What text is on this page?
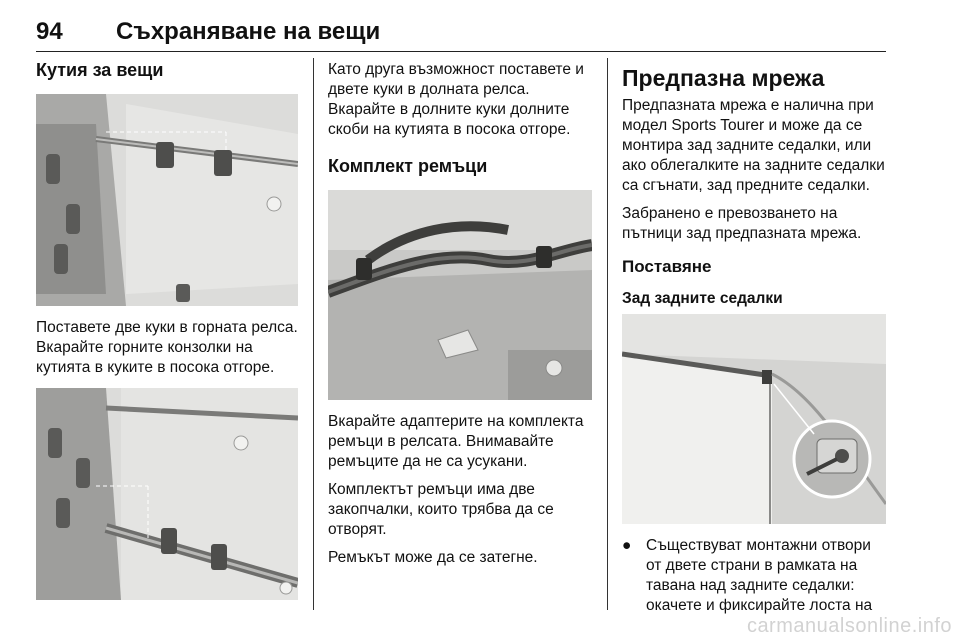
94 Съхраняване на вещи
Кутия за вещи

Поставете две куки в горната релса. Вкарайте горните конзолки на кутията в куките в посока отгоре.

Като друга възможност поставете и двете куки в долната релса. Вкарайте в долните куки долните скоби на кутията в посока отгоре.

Комплект ремъци

Вкарайте адаптерите на комплекта ремъци в релсата. Внимавайте ремъците да не са усукани.

Комплектът ремъци има две закопчалки, които трябва да се отворят.

Ремъкът може да се затегне.

Предпазна мрежа

Предпазната мрежа е налична при модел Sports Tourer и може да се монтира зад задните седалки, или ако облегалките на задните седалки са сгънати, зад предните седалки.

Забранено е превозването на пътници зад предпазната мрежа.

Поставяне
Зад задните седалки
● Съществуват монтажни отвори от двете страни в рамката на тавана над задните седалки: окачете и фиксирайте лоста на
carmanualsonline.info
